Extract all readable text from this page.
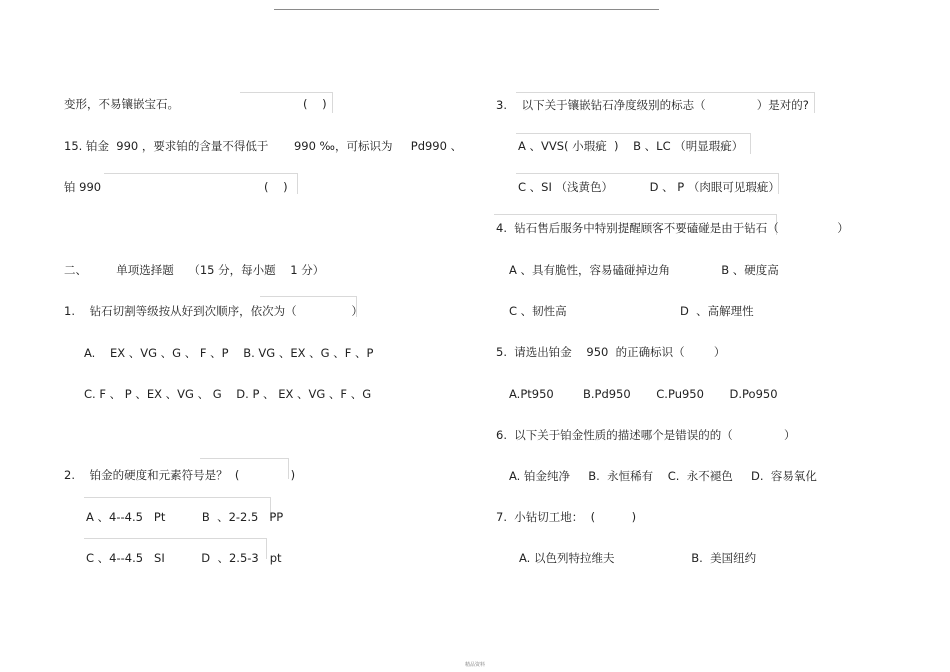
变形，不易镶嵌宝石。	(    )
15. 铂金  990 ，要求铂的含量不得低于       990 ‰，可标识为     Pd990 、
铂 990	(    )
二、        单项选择题    （15 分，每小题    1 分）
1.    钻石切割等级按从好到次顺序，依次为（               ）
A.    EX 、VG 、G 、 F 、P    B. VG 、EX 、G 、F 、P
C. F 、 P 、EX 、VG 、 G    D. P 、 EX 、VG 、F 、G
2.    铂金的硬度和元素符号是？  (              )
A 、4--4.5   Pt          B  、2-2.5   PP
C 、4--4.5   SI          D  、2.5-3   pt
3.    以下关于镶嵌钻石净度级别的标志（              ）是对的?
A 、VVS( 小瑕疵  )    B 、LC （明显瑕疵）
C 、SI （浅黄色）          D 、 P （肉眼可见瑕疵）
4.  钻石售后服务中特别提醒顾客不要磕碰是由于钻石（                ）
A 、具有脆性，容易磕碰掉边角              B 、硬度高
C 、韧性高                               D  、高解理性
5.  请选出铂金    950  的正确标识（        ）
A.Pt950        B.Pd950       C.Pu950       D.Po950
6.  以下关于铂金性质的描述哪个是错误的的（              ）
A. 铂金纯净     B.  永恒稀有    C.  永不褪色     D.  容易氧化
7.  小钻切工地：  (          )
A. 以色列特拉维夫                     B.  美国纽约
精品资料
